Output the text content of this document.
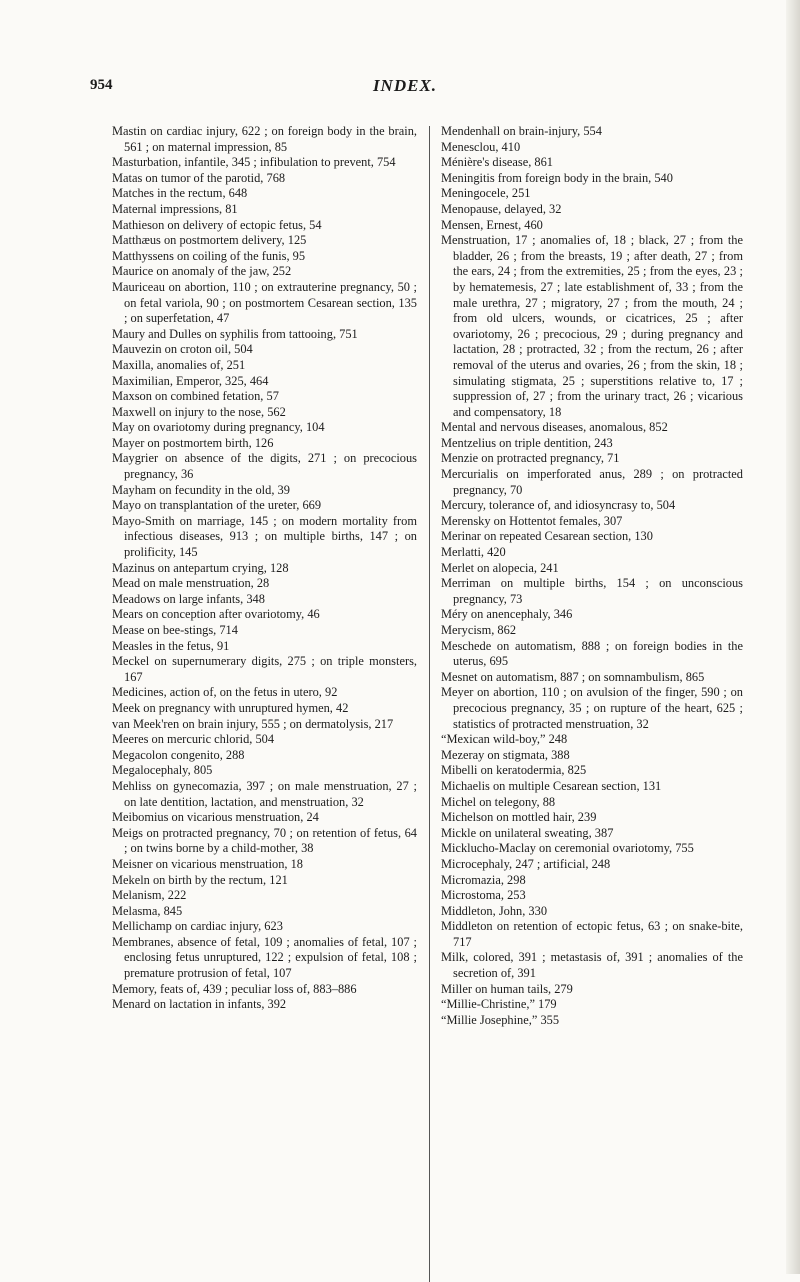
954	INDEX.

Mastin on cardiac injury, 622 ; on foreign body in the brain, 561 ; on maternal impression, 85

Masturbation, infantile, 345 ; infibulation to prevent, 754

Matas on tumor of the parotid, 768

Matches in the rectum, 648

Maternal impressions, 81

Mathieson on delivery of ectopic fetus, 54

Matthæus on postmortem delivery, 125

Matthyssens on coiling of the funis, 95

Maurice on anomaly of the jaw, 252

Mauriceau on abortion, 110 ; on extrauterine pregnancy, 50 ; on fetal variola, 90 ; on postmortem Cesarean section, 135 ; on superfetation, 47

Maury and Dulles on syphilis from tattooing, 751

Mauvezin on croton oil, 504

Maxilla, anomalies of, 251

Maximilian, Emperor, 325, 464

Maxson on combined fetation, 57

Maxwell on injury to the nose, 562

May on ovariotomy during pregnancy, 104

Mayer on postmortem birth, 126

Maygrier on absence of the digits, 271 ; on precocious pregnancy, 36

Mayham on fecundity in the old, 39

Mayo on transplantation of the ureter, 669

Mayo-Smith on marriage, 145 ; on modern mortality from infectious diseases, 913 ; on multiple births, 147 ; on prolificity, 145

Mazinus on antepartum crying, 128

Mead on male menstruation, 28

Meadows on large infants, 348

Mears on conception after ovariotomy, 46

Mease on bee-stings, 714

Measles in the fetus, 91

Meckel on supernumerary digits, 275 ; on triple monsters, 167

Medicines, action of, on the fetus in utero, 92

Meek on pregnancy with unruptured hymen, 42

van Meek'ren on brain injury, 555 ; on dermatolysis, 217

Meeres on mercuric chlorid, 504

Megacolon congenito, 288

Megalocephaly, 805

Mehliss on gynecomazia, 397 ; on male menstruation, 27 ; on late dentition, lactation, and menstruation, 32

Meibomius on vicarious menstruation, 24

Meigs on protracted pregnancy, 70 ; on retention of fetus, 64 ; on twins borne by a child-mother, 38

Meisner on vicarious menstruation, 18

Mekeln on birth by the rectum, 121

Melanism, 222

Melasma, 845

Mellichamp on cardiac injury, 623

Membranes, absence of fetal, 109 ; anomalies of fetal, 107 ; enclosing fetus unruptured, 122 ; expulsion of fetal, 108 ; premature protrusion of fetal, 107

Memory, feats of, 439 ; peculiar loss of, 883–886

Menard on lactation in infants, 392

Mendenhall on brain-injury, 554

Menesclou, 410

Ménière's disease, 861

Meningitis from foreign body in the brain, 540

Meningocele, 251

Menopause, delayed, 32

Mensen, Ernest, 460

Menstruation, 17 ; anomalies of, 18 ; black, 27 ; from the bladder, 26 ; from the breasts, 19 ; after death, 27 ; from the ears, 24 ; from the extremities, 25 ; from the eyes, 23 ; by hematemesis, 27 ; late establishment of, 33 ; from the male urethra, 27 ; migratory, 27 ; from the mouth, 24 ; from old ulcers, wounds, or cicatrices, 25 ; after ovariotomy, 26 ; precocious, 29 ; during pregnancy and lactation, 28 ; protracted, 32 ; from the rectum, 26 ; after removal of the uterus and ovaries, 26 ; from the skin, 18 ; simulating stigmata, 25 ; superstitions relative to, 17 ; suppression of, 27 ; from the urinary tract, 26 ; vicarious and compensatory, 18

Mental and nervous diseases, anomalous, 852

Mentzelius on triple dentition, 243

Menzie on protracted pregnancy, 71

Mercurialis on imperforated anus, 289 ; on protracted pregnancy, 70

Mercury, tolerance of, and idiosyncrasy to, 504

Merensky on Hottentot females, 307

Merinar on repeated Cesarean section, 130

Merlatti, 420

Merlet on alopecia, 241

Merriman on multiple births, 154 ; on unconscious pregnancy, 73

Méry on anencephaly, 346

Merycism, 862

Meschede on automatism, 888 ; on foreign bodies in the uterus, 695

Mesnet on automatism, 887 ; on somnambulism, 865

Meyer on abortion, 110 ; on avulsion of the finger, 590 ; on precocious pregnancy, 35 ; on rupture of the heart, 625 ; statistics of protracted menstruation, 32

“Mexican wild-boy,” 248

Mezeray on stigmata, 388

Mibelli on keratodermia, 825

Michaelis on multiple Cesarean section, 131

Michel on telegony, 88

Michelson on mottled hair, 239

Mickle on unilateral sweating, 387

Micklucho-Maclay on ceremonial ovariotomy, 755

Microcephaly, 247 ; artificial, 248

Micromazia, 298

Microstoma, 253

Middleton, John, 330

Middleton on retention of ectopic fetus, 63 ; on snake-bite, 717

Milk, colored, 391 ; metastasis of, 391 ; anomalies of the secretion of, 391

Miller on human tails, 279

“Millie-Christine,” 179

“Millie Josephine,” 355
